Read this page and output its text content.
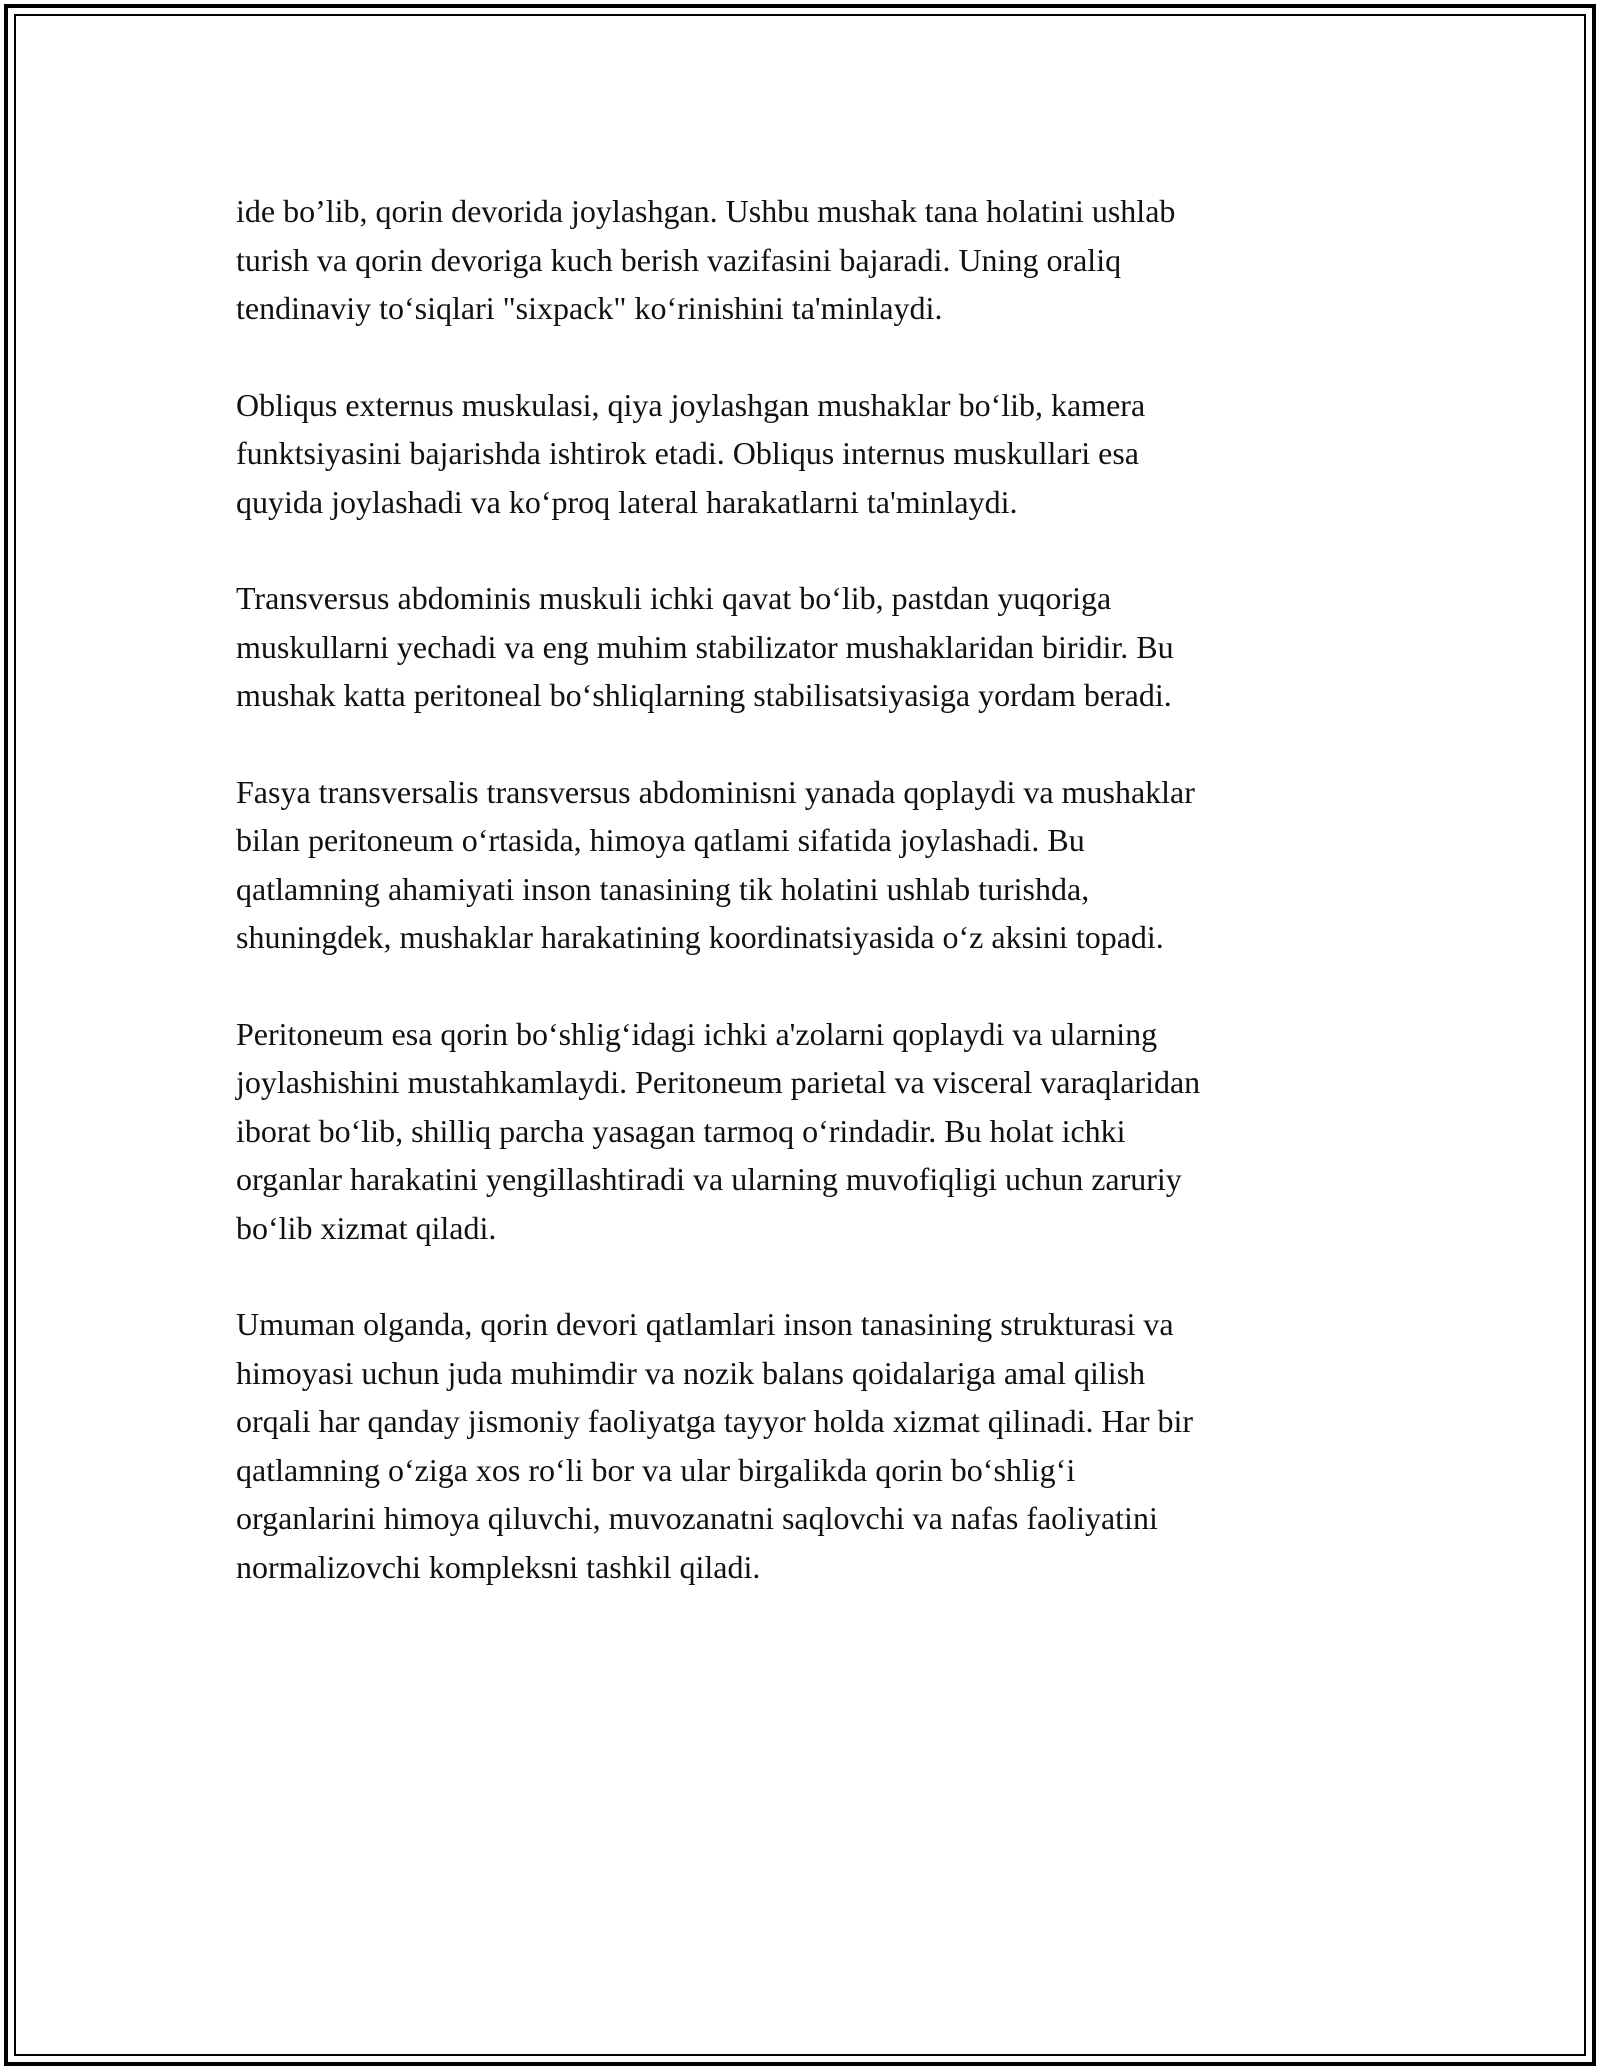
ide bo’lib, qorin devorida joylashgan. Ushbu mushak tana holatini ushlab
turish va qorin devoriga kuch berish vazifasini bajaradi. Uning oraliq
tendinaviy to‘siqlari "sixpack" ko‘rinishini ta'minlaydi.

Obliqus externus muskulasi, qiya joylashgan mushaklar bo‘lib, kamera
funktsiyasini bajarishda ishtirok etadi. Obliqus internus muskullari esa
quyida joylashadi va ko‘proq lateral harakatlarni ta'minlaydi.

Transversus abdominis muskuli ichki qavat bo‘lib, pastdan yuqoriga
muskullarni yechadi va eng muhim stabilizator mushaklaridan biridir. Bu
mushak katta peritoneal bo‘shliqlarning stabilisatsiyasiga yordam beradi.

Fasya transversalis transversus abdominisni yanada qoplaydi va mushaklar
bilan peritoneum o‘rtasida, himoya qatlami sifatida joylashadi. Bu
qatlamning ahamiyati inson tanasining tik holatini ushlab turishda,
shuningdek, mushaklar harakatining koordinatsiyasida o‘z aksini topadi.

Peritoneum esa qorin bo‘shlig‘idagi ichki a'zolarni qoplaydi va ularning
joylashishini mustahkamlaydi. Peritoneum parietal va visceral varaqlaridan
iborat bo‘lib, shilliq parcha yasagan tarmoq o‘rindadir. Bu holat ichki
organlar harakatini yengillashtiradi va ularning muvofiqligi uchun zaruriy
bo‘lib xizmat qiladi.

Umuman olganda, qorin devori qatlamlari inson tanasining strukturasi va
himoyasi uchun juda muhimdir va nozik balans qoidalariga amal qilish
orqali har qanday jismoniy faoliyatga tayyor holda xizmat qilinadi. Har bir
qatlamning o‘ziga xos ro‘li bor va ular birgalikda qorin bo‘shlig‘i
organlarini himoya qiluvchi, muvozanatni saqlovchi va nafas faoliyatini
normalizovchi kompleksni tashkil qiladi.
